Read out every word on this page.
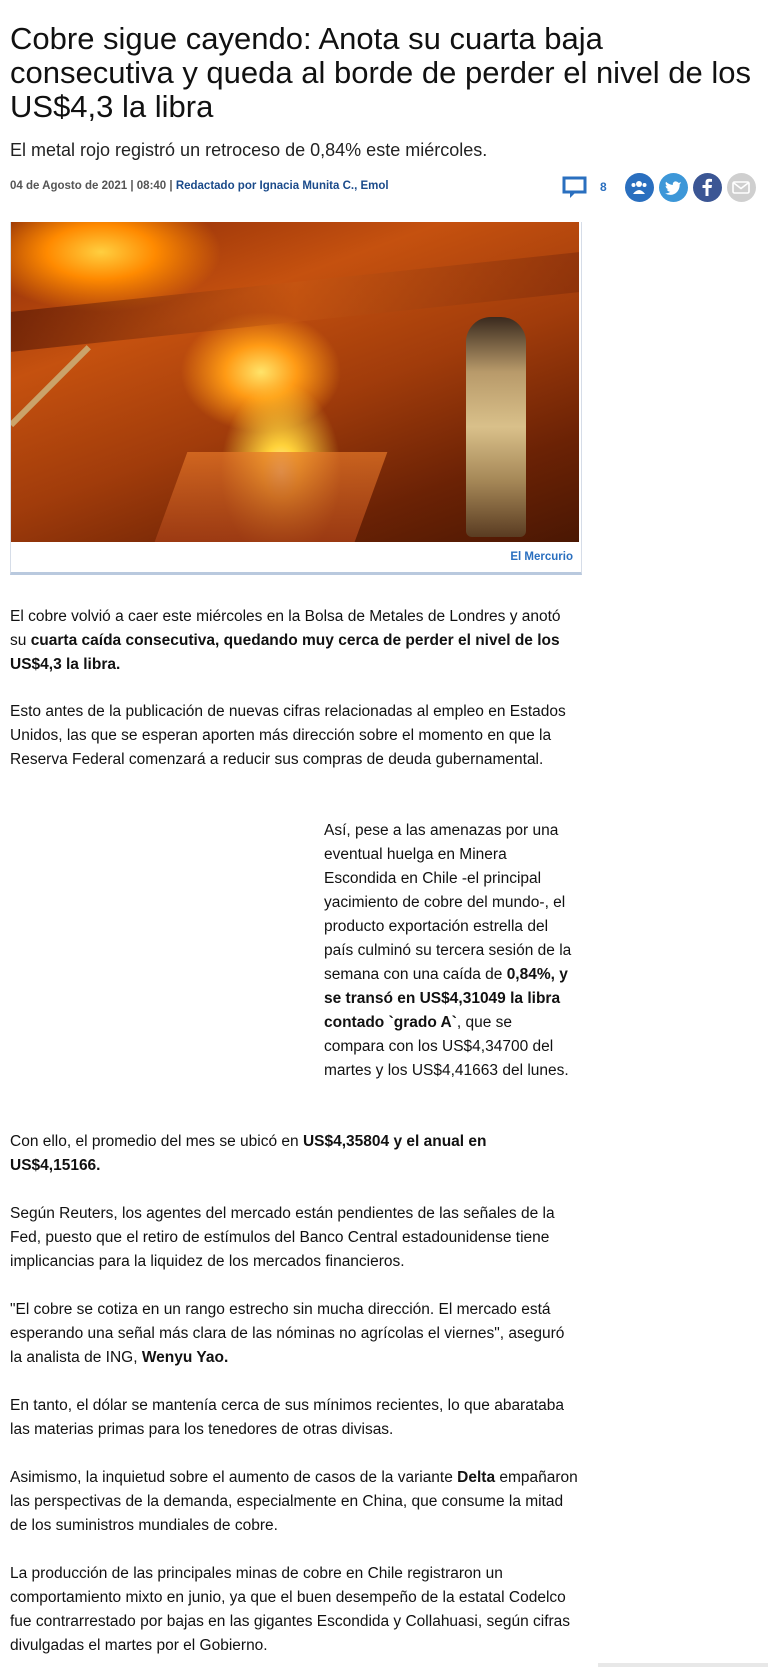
Cobre sigue cayendo: Anota su cuarta baja consecutiva y queda al borde de perder el nivel de los US$4,3 la libra
El metal rojo registró un retroceso de 0,84% este miércoles.
04 de Agosto de 2021 | 08:40 | Redactado por Ignacia Munita C., Emol	8
El Mercurio

El cobre volvió a caer este miércoles en la Bolsa de Metales de Londres y anotó su cuarta caída consecutiva, quedando muy cerca de perder el nivel de los US$4,3 la libra.

Esto antes de la publicación de nuevas cifras relacionadas al empleo en Estados Unidos, las que se esperan aporten más dirección sobre el momento en que la Reserva Federal comenzará a reducir sus compras de deuda gubernamental.

Así, pese a las amenazas por una eventual huelga en Minera Escondida en Chile -el principal yacimiento de cobre del mundo-, el producto exportación estrella del país culminó su tercera sesión de la semana con una caída de 0,84%, y se transó en US$4,31049 la libra contado `grado A`, que se compara con los US$4,34700 del martes y los US$4,41663 del lunes.

Con ello, el promedio del mes se ubicó en US$4,35804 y el anual en US$4,15166.

Según Reuters, los agentes del mercado están pendientes de las señales de la Fed, puesto que el retiro de estímulos del Banco Central estadounidense tiene implicancias para la liquidez de los mercados financieros.

"El cobre se cotiza en un rango estrecho sin mucha dirección. El mercado está esperando una señal más clara de las nóminas no agrícolas el viernes", aseguró la analista de ING, Wenyu Yao.

En tanto, el dólar se mantenía cerca de sus mínimos recientes, lo que abarataba las materias primas para los tenedores de otras divisas.

Asimismo, la inquietud sobre el aumento de casos de la variante Delta empañaron las perspectivas de la demanda, especialmente en China, que consume la mitad de los suministros mundiales de cobre.

La producción de las principales minas de cobre en Chile registraron un comportamiento mixto en junio, ya que el buen desempeño de la estatal Codelco fue contrarrestado por bajas en las gigantes Escondida y Collahuasi, según cifras divulgadas el martes por el Gobierno.
